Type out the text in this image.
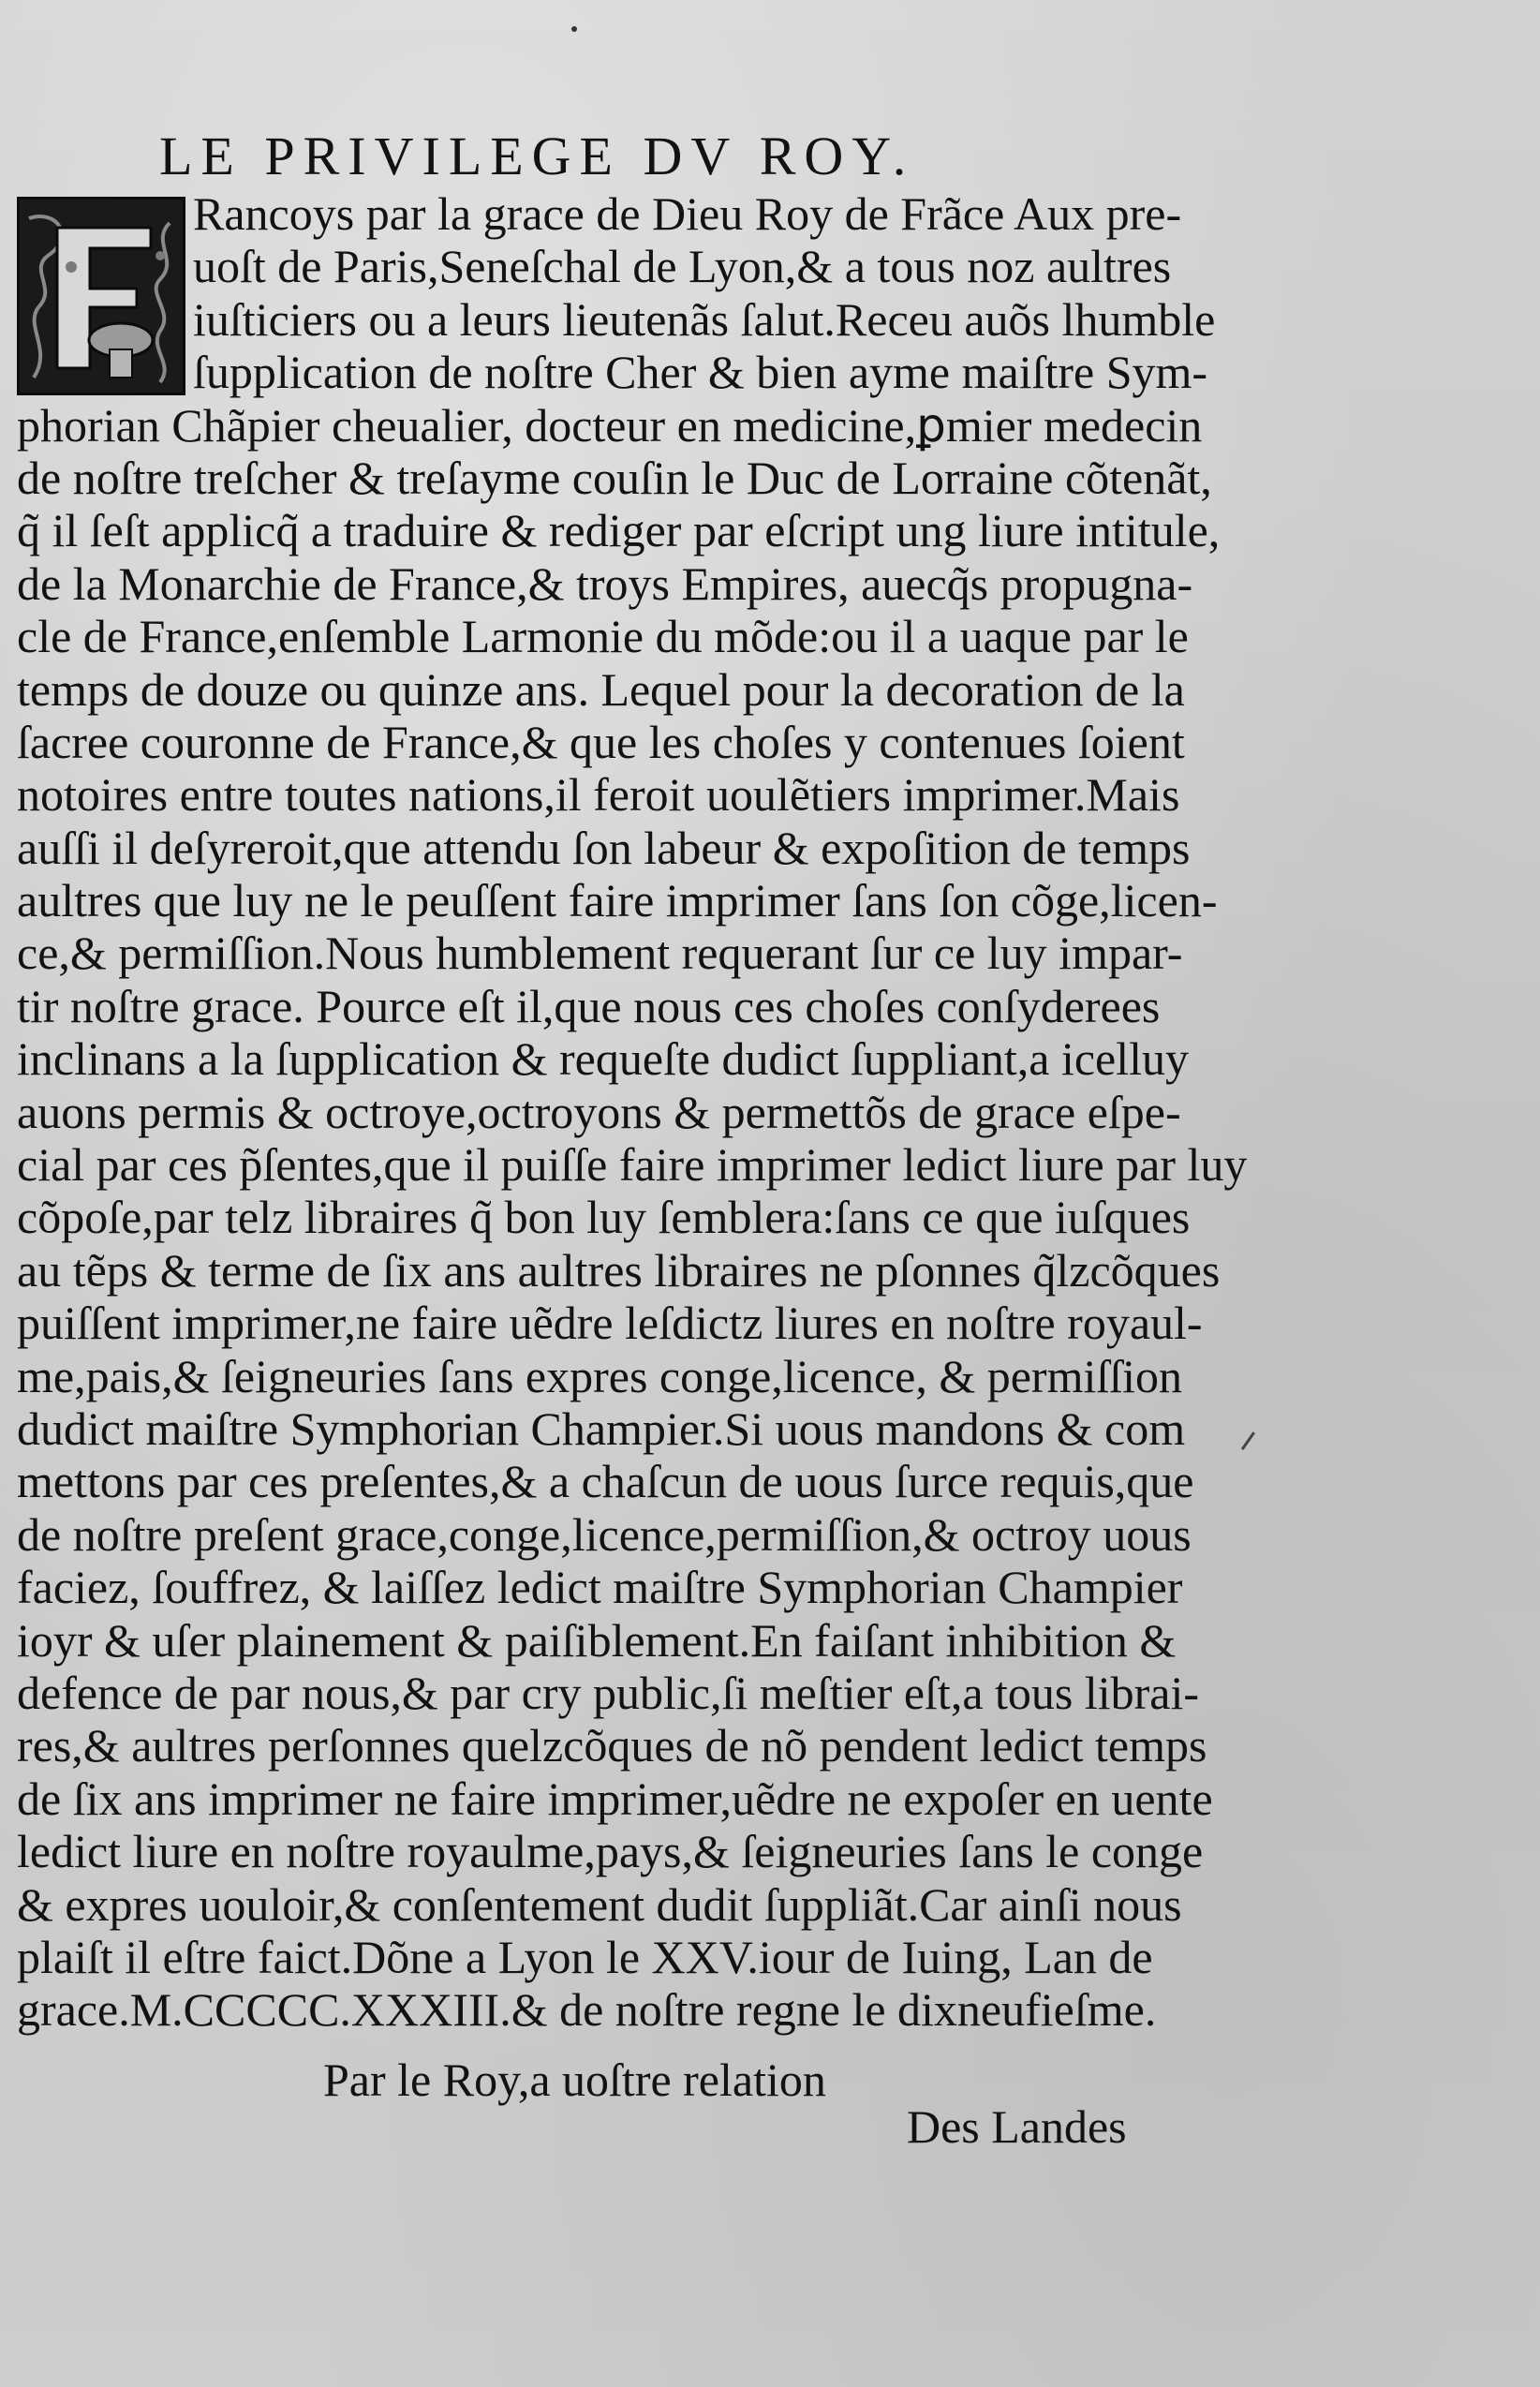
LE PRIVILEGE DV ROY.
Rancoys par la grace de Dieu Roy de Frãce Aux pre-
uoſt de Paris,Seneſchal de Lyon,& a tous noz aultres
iuſticiers ou a leurs lieutenãs ſalut.Receu auõs lhumble
ſupplication de noſtre Cher & bien ayme maiſtre Sym-
phorian Chãpier cheualier, docteur en medicine,ꝑmier medecin
de noſtre treſcher & treſayme couſin le Duc de Lorraine cõtenãt,
q̃ il ſeſt applicq̃ a traduire & rediger par eſcript ung liure intitule,
de la Monarchie de France,& troys Empires, auecq̃s propugna-
cle de France,enſemble Larmonie du mõde:ou il a uaque par le
temps de douze ou quinze ans. Lequel pour la decoration de la
ſacree couronne de France,& que les choſes y contenues ſoient
notoires entre toutes nations,il feroit uoulẽtiers imprimer.Mais
auſſi il deſyreroit,que attendu ſon labeur & expoſition de temps
aultres que luy ne le peuſſent faire imprimer ſans ſon cõge,licen-
ce,& permiſſion.Nous humblement requerant ſur ce luy impar-
tir noſtre grace. Pource eſt il,que nous ces choſes conſyderees
inclinans a la ſupplication & requeſte dudict ſuppliant,a icelluy
auons permis & octroye,octroyons & permettõs de grace eſpe-
cial par ces p̃ſentes,que il puiſſe faire imprimer ledict liure par luy
cõpoſe,par telz libraires q̃ bon luy ſemblera:ſans ce que iuſques
au tẽps & terme de ſix ans aultres libraires ne pſonnes q̃lzcõques
puiſſent imprimer,ne faire uẽdre leſdictz liures en noſtre royaul-
me,pais,& ſeigneuries ſans expres conge,licence, & permiſſion
dudict maiſtre Symphorian Champier.Si uous mandons & com
mettons par ces preſentes,& a chaſcun de uous ſurce requis,que
de noſtre preſent grace,conge,licence,permiſſion,& octroy uous
faciez, ſouffrez, & laiſſez ledict maiſtre Symphorian Champier
ioyr & uſer plainement & paiſiblement.En faiſant inhibition &
defence de par nous,& par cry public,ſi meſtier eſt,a tous librai-
res,& aultres perſonnes quelzcõques de nõ pendent ledict temps
de ſix ans imprimer ne faire imprimer,uẽdre ne expoſer en uente
ledict liure en noſtre royaulme,pays,& ſeigneuries ſans le conge
& expres uouloir,& conſentement dudit ſuppliãt.Car ainſi nous
plaiſt il eſtre faict.Dõne a Lyon le XXV.iour de Iuing, Lan de
grace.M.CCCCC.XXXIII.& de noſtre regne le dixneufieſme.
Par le Roy,a uoſtre relation
Des Landes
